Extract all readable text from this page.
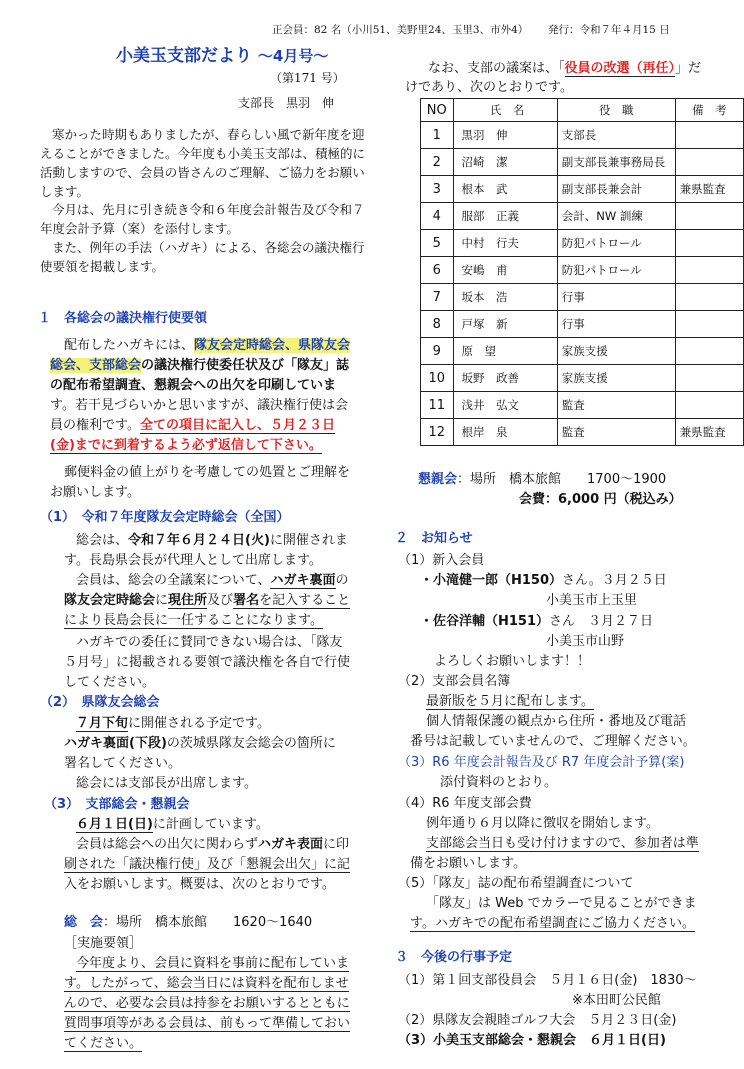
正会員：82 名（小川51、美野里24、玉里3、市外4） 発行：令和７年４月15 日
小美玉支部だより ～4月号～
（第171 号）
支部長　黒羽　伸
寒かった時期もありましたが、春らしい風で新年度を迎えることができました。今年度も小美玉支部は、積極的に活動しますので、会員の皆さんのご理解、ご協力をお願いします。
今月は、先月に引き続き令和６年度会計報告及び令和７年度会計予算（案）を添付します。
また、例年の手法（ハガキ）による、各総会の議決権行使要領を掲載します。
１　各総会の議決権行使要領
配布したハガキには、隊友会定時総会、県隊友会
総会、支部総会の議決権行使委任状及び「隊友」誌
の配布希望調査、懇親会への出欠を印刷していま
す。若干見づらいかと思いますが、議決権行使は会
員の権利です。全ての項目に記入し、５月２３日
(金)までに到着するよう必ず返信して下さい。
郵便料金の値上がりを考慮しての処置とご理解を
お願いします。
（1）　令和７年度隊友会定時総会（全国）
総会は、令和７年６月２４日(火)に開催されま
す。長島県会長が代理人として出席します。
会員は、総会の全議案について、ハガキ裏面の
隊友会定時総会に現住所及び署名を記入すること
により長島会長に一任することになります。
ハガキでの委任に賛同できない場合は、「隊友
５月号」に掲載される要領で議決権を各自で行使
してください。
（2）　県隊友会総会
７月下旬に開催される予定です。
ハガキ裏面(下段)の茨城県隊友会総会の箇所に
署名してください。
総会には支部長が出席します。
（3）　支部総会・懇親会
６月１日(日)に計画しています。
会員は総会への出欠に関わらずハガキ表面に印
刷された「議決権行使」及び「懇親会出欠」に記
入をお願いします。概要は、次のとおりです。
総　会：場所　橋本旅館　　1620～1640
［実施要領］
今年度より、会員に資料を事前に配布していま
す。したがって、総会当日には資料を配布しませ
んので、必要な会員は持参をお願いするとともに
質問事項等がある会員は、前もって準備しておい
てください。
なお、支部の議案は、「役員の改選（再任）」だ
けであり、次のとおりです。
NO	氏　名	役　職	備　考
1	黒羽　伸	支部長	
2	沼崎　潔	副支部長兼事務局長	
3	根本　武	副支部長兼会計	兼県監査
4	服部　正義	会計、NW 訓練	
5	中村　行夫	防犯パトロール	
6	安嶋　甫	防犯パトロール	
7	坂本　浩	行事	
8	戸塚　新	行事	
9	原　望	家族支援	
10	坂野　政善	家族支援	
11	浅井　弘文	監査	
12	根岸　泉	監査	兼県監査
懇親会：場所　橋本旅館　　1700～1900
会費：6,000 円（税込み）
２　お知らせ
（1）新入会員
・小滝健一郎（H150）さん。３月２５日
小美玉市上玉里
・佐谷洋輔（H151）さん　３月２７日
小美玉市山野
よろしくお願いします！！
（2）支部会員名簿
最新版を５月に配布します。
個人情報保護の観点から住所・番地及び電話
番号は記載していませんので、ご理解ください。
（3）R6 年度会計報告及び R7 年度会計予算(案)
添付資料のとおり。
（4）R6 年度支部会費
例年通り６月以降に徴収を開始します。
支部総会当日も受け付けますので、参加者は準
備をお願いします。
（5）「隊友」誌の配布希望調査について
「隊友」は Web でカラーで見ることができま
す。ハガキでの配布希望調査にご協力ください。
３　今後の行事予定
（1）第１回支部役員会　５月１６日(金)　1830～
※本田町公民館
（2）県隊友会親睦ゴルフ大会　５月２３日(金)
（3）小美玉支部総会・懇親会　６月１日(日)
